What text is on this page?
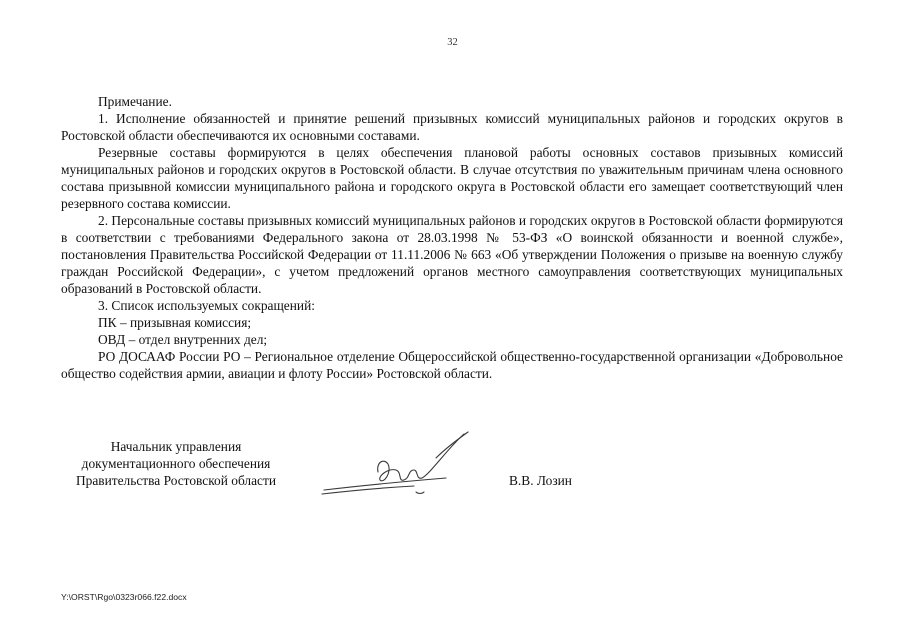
32

Примечание.

1. Исполнение обязанностей и принятие решений призывных комиссий муниципальных районов и городских округов в Ростовской области обеспечиваются их основными составами.

Резервные составы формируются в целях обеспечения плановой работы основных составов призывных комиссий муниципальных районов и городских округов в Ростовской области. В случае отсутствия по уважительным причинам члена основного состава призывной комиссии муниципального района и городского округа в Ростовской области его замещает соответствующий член резервного состава комиссии.

2. Персональные составы призывных комиссий муниципальных районов и городских округов в Ростовской области формируются в соответствии с требованиями Федерального закона от 28.03.1998 № 53-ФЗ «О воинской обязанности и военной службе», постановления Правительства Российской Федерации от 11.11.2006 № 663 «Об утверждении Положения о призыве на военную службу граждан Российской Федерации», с учетом предложений органов местного самоуправления соответствующих муниципальных образований в Ростовской области.

3. Список используемых сокращений:

ПК – призывная комиссия;

ОВД – отдел внутренних дел;

РО ДОСААФ России РО – Региональное отделение Общероссийской общественно-государственной организации «Добровольное общество содействия армии, авиации и флоту России» Ростовской области.

Начальник управления
документационного обеспечения
Правительства Ростовской области	В.В. Лозин
Y:\ORST\Rgo\0323r066.f22.docx
